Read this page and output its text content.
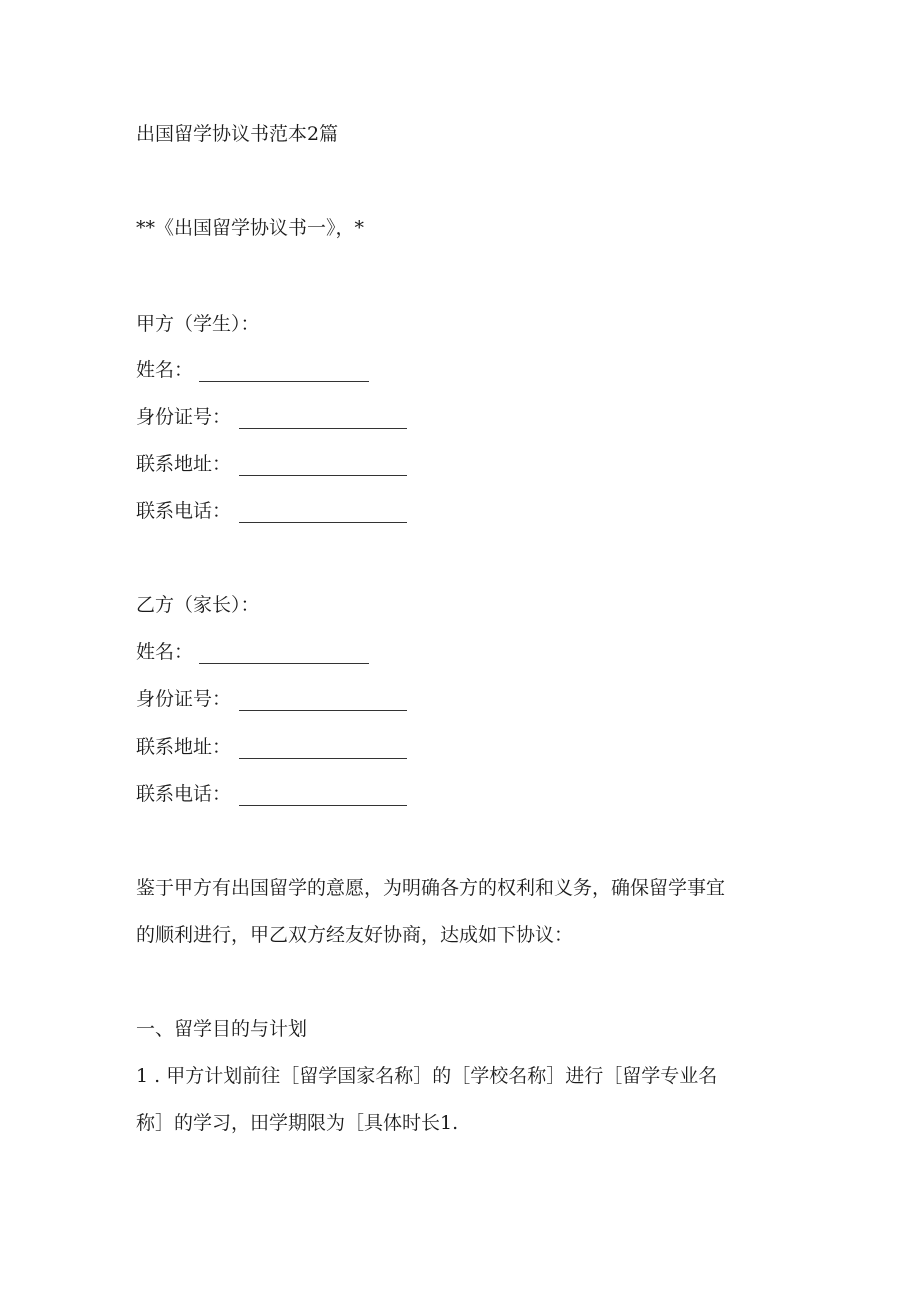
出国留学协议书范本2篇
**《出国留学协议书一》，*
甲方（学生）：
姓名：
身份证号：
联系地址：
联系电话：
乙方（家长）：
姓名：
身份证号：
联系地址：
联系电话：
鉴于甲方有出国留学的意愿，为明确各方的权利和义务，确保留学事宜
的顺利进行，甲乙双方经友好协商，达成如下协议：
一、留学目的与计划
1 . 甲方计划前往［留学国家名称］的［学校名称］进行［留学专业名
称］的学习，田学期限为［具体时长1.
